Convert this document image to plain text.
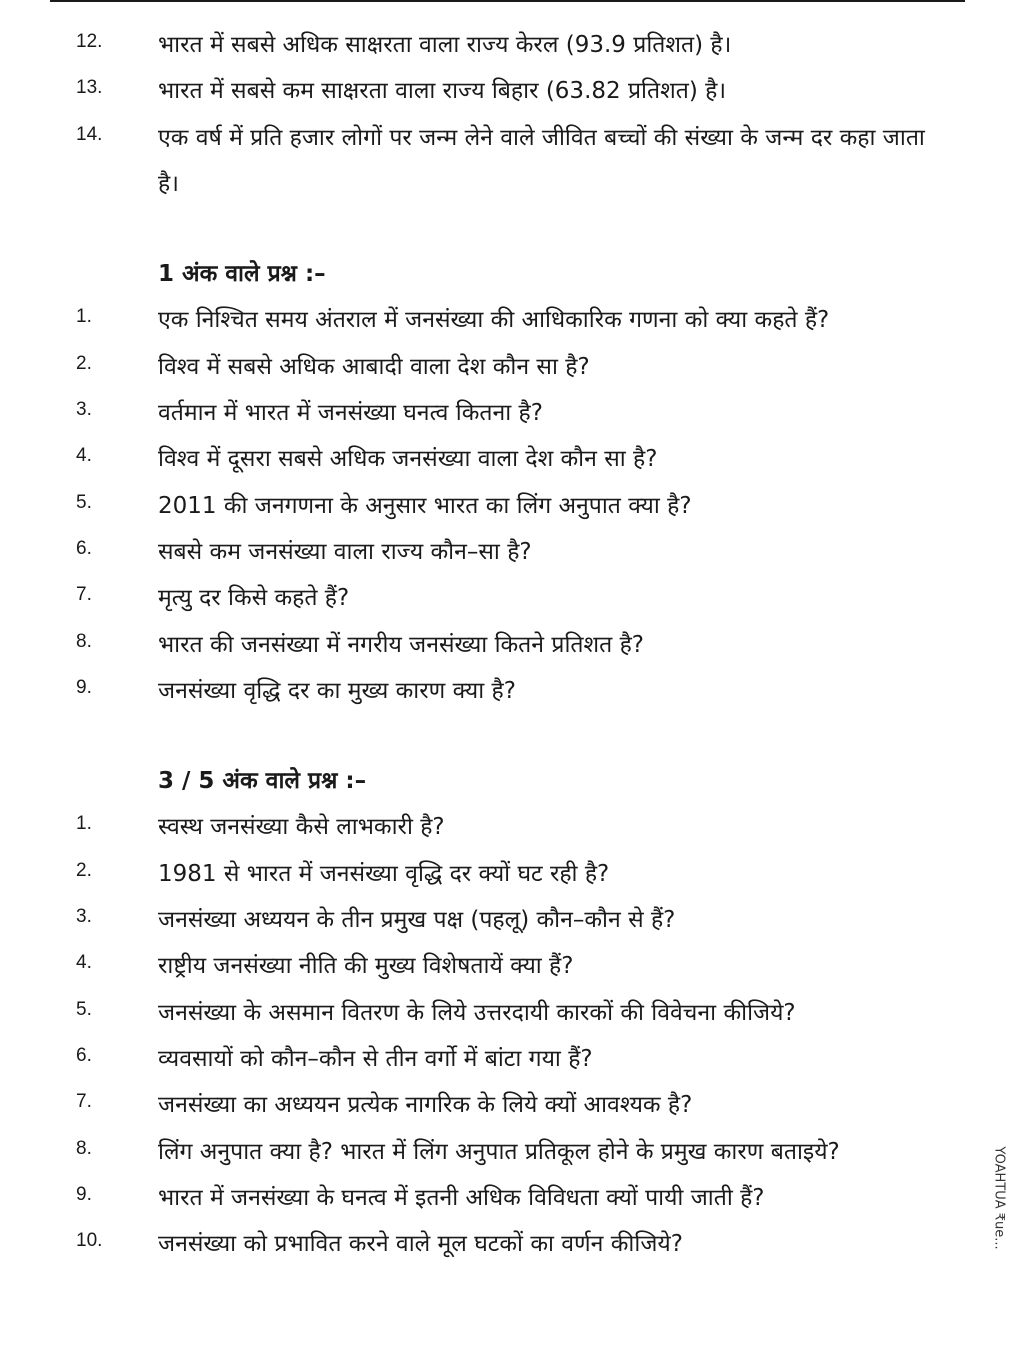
12. भारत में सबसे अधिक साक्षरता वाला राज्य केरल (93.9 प्रतिशत) है।
13. भारत में सबसे कम साक्षरता वाला राज्य बिहार (63.82 प्रतिशत) है।
14. एक वर्ष में प्रति हजार लोगों पर जन्म लेने वाले जीवित बच्चों की संख्या के जन्म दर कहा जाता है।
1 अंक वाले प्रश्न :–
1.	एक निश्चित समय अंतराल में जनसंख्या की आधिकारिक गणना को क्या कहते हैं?
2.	विश्व में सबसे अधिक आबादी वाला देश कौन सा है?
3.	वर्तमान में भारत में जनसंख्या घनत्व कितना है?
4.	विश्व में दूसरा सबसे अधिक जनसंख्या वाला देश कौन सा है?
5.	2011 की जनगणना के अनुसार भारत का लिंग अनुपात क्या है?
6.	सबसे कम जनसंख्या वाला राज्य कौन–सा है?
7.	मृत्यु दर किसे कहते हैं?
8.	भारत की जनसंख्या में नगरीय जनसंख्या कितने प्रतिशत है?
9.	जनसंख्या वृद्धि दर का मुख्य कारण क्या है?
3 / 5 अंक वाले प्रश्न :–
1.	स्वस्थ जनसंख्या कैसे लाभकारी है?
2.	1981 से भारत में जनसंख्या वृद्धि दर क्यों घट रही है?
3.	जनसंख्या अध्ययन के तीन प्रमुख पक्ष (पहलू) कौन–कौन से हैं?
4.	राष्ट्रीय जनसंख्या नीति की मुख्य विशेषतायें क्या हैं?
5.	जनसंख्या के असमान वितरण के लिये उत्तरदायी कारकों की विवेचना कीजिये?
6.	व्यवसायों को कौन–कौन से तीन वर्गो में बांटा गया हैं?
7.	जनसंख्या का अध्ययन प्रत्येक नागरिक के लिये क्यों आवश्यक है?
8.	लिंग अनुपात क्या है? भारत में लिंग अनुपात प्रतिकूल होने के प्रमुख कारण बताइये?
9.	भारत में जनसंख्या के घनत्व में इतनी अधिक विविधता क्यों पायी जाती हैं?
10. जनसंख्या को प्रभावित करने वाले मूल घटकों का वर्णन कीजिये?	YOAHTUA ₹ue...
